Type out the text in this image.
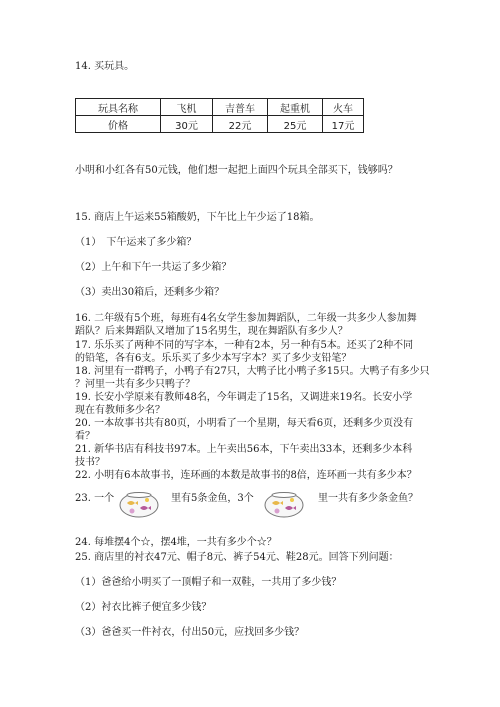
14. 买玩具。
玩具名称	飞机	吉普车	起重机	火车
价格	30元	22元	25元	17元
小明和小红各有50元钱，他们想一起把上面四个玩具全部买下，钱够吗？
15. 商店上午运来55箱酸奶，下午比上午少运了18箱。
（1）　下午运来了多少箱？
（2）上午和下午一共运了多少箱？
（3）卖出30箱后，还剩多少箱？
16. 二年级有5个班，每班有4名女学生参加舞蹈队，二年级一共多少人参加舞
蹈队？后来舞蹈队又增加了15名男生，现在舞蹈队有多少人？
17. 乐乐买了两种不同的写字本，一种有2本，另一种有5本。还买了2种不同
的铅笔，各有6支。乐乐买了多少本写字本？买了多少支铅笔？
18. 河里有一群鸭子，小鸭子有27只，大鸭子比小鸭子多15只。大鸭子有多少只
？河里一共有多少只鸭子？
19. 长安小学原来有教师48名，今年调走了15名，又调进来19名。长安小学
现在有教师多少名？
20. 一本故事书共有80页，小明看了一个星期，每天看6页，还剩多少页没有
看？
21. 新华书店有科技书97本。上午卖出56本，下午卖出33本，还剩多少本科
技书？
22. 小明有6本故事书，连环画的本数是故事书的8倍，连环画一共有多少本？
23. 一个	里有5条金鱼，3个	里一共有多少条金鱼？
24. 每堆摆4个☆，摆4堆，一共有多少个☆？
25. 商店里的衬衣47元、帽子8元、裤子54元、鞋28元。回答下列问题：
（1）爸爸给小明买了一顶帽子和一双鞋，一共用了多少钱？
（2）衬衣比裤子便宜多少钱？
（3）爸爸买一件衬衣，付出50元，应找回多少钱？
